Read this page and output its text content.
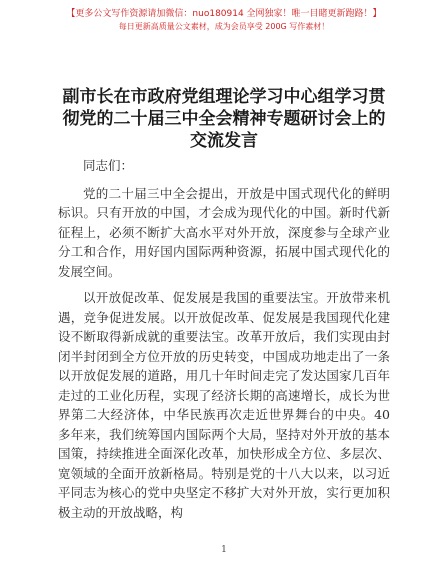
【更多公文写作资源请加微信：nuo180914 全网独家！唯一目睹更新跑路！】
每日更新高质量公文素材，成为会员享受 200G 写作素材！
副市长在市政府党组理论学习中心组学习贯彻党的二十届三中全会精神专题研讨会上的交流发言

同志们：

党的二十届三中全会提出，开放是中国式现代化的鲜明标识。只有开放的中国，才会成为现代化的中国。新时代新征程上，必须不断扩大高水平对外开放，深度参与全球产业分工和合作，用好国内国际两种资源，拓展中国式现代化的发展空间。

以开放促改革、促发展是我国的重要法宝。开放带来机遇，竞争促进发展。以开放促改革、促发展是我国现代化建设不断取得新成就的重要法宝。改革开放后，我们实现由封闭半封闭到全方位开放的历史转变，中国成功地走出了一条以开放促发展的道路，用几十年时间走完了发达国家几百年走过的工业化历程，实现了经济长期的高速增长，成长为世界第二大经济体，中华民族再次走近世界舞台的中央。40 多年来，我们统筹国内国际两个大局，坚持对外开放的基本国策，持续推进全面深化改革，加快形成全方位、多层次、宽领域的全面开放新格局。特别是党的十八大以来，以习近平同志为核心的党中央坚定不移扩大对外开放，实行更加积极主动的开放战略，构

1
